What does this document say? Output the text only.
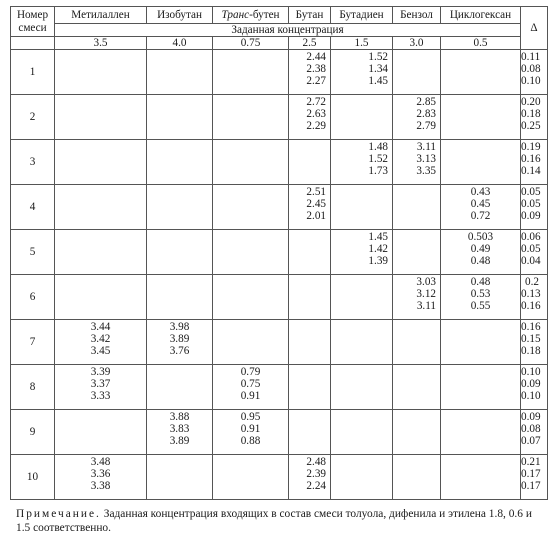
Номер смеси	Метилаллен	Изобутан	Транс-бутен	Бутан	Бутадиен	Бензол	Циклогексан	Δ
	Заданная концентрация							
	3.5	4.0	0.75	2.5	1.5	3.0	0.5	
1				2.44
2.38
2.27	1.52
1.34
1.45			0.11
0.08
0.10

2				2.72
2.63
2.29		2.85
2.83
2.79		0.20
0.18
0.25

3					1.48
1.52
1.73	3.11
3.13
3.35		0.19
0.16
0.14

4				2.51
2.45
2.01			0.43
0.45
0.72	0.05
0.05
0.09

5					1.45
1.42
1.39		0.503
0.49
0.48	0.06
0.05
0.04

6						3.03
3.12
3.11	0.48
0.53
0.55	0.2
0.13
0.16

7	3.44
3.42
3.45	3.98
3.89
3.76						0.16
0.15
0.18

8	3.39
3.37
3.33		0.79
0.75
0.91					0.10
0.09
0.10

9		3.88
3.83
3.89	0.95
0.91
0.88					0.09
0.08
0.07

10	3.48
3.36
3.38			2.48
2.39
2.24				0.21
0.17
0.17
Примечание. Заданная концентрация входящих в состав смеси толуола, дифенила и этилена 1.8, 0.6 и 1.5 соответственно.
